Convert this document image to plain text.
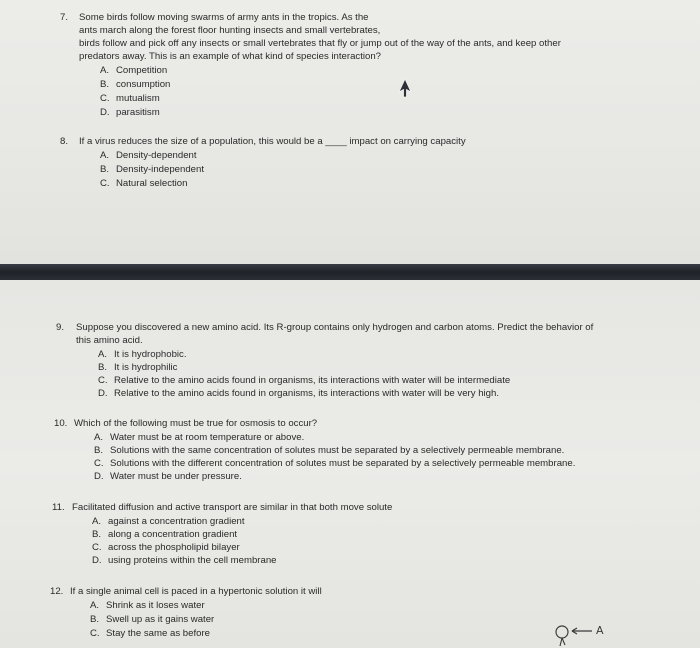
7. Some birds follow moving swarms of army ants in the tropics. As the
ants march along the forest floor hunting insects and small vertebrates,
birds follow and pick off any insects or small vertebrates that fly or jump out of the way of the ants, and keep other
predators away. This is an example of what kind of species interaction?
A. Competition
B. consumption
C. mutualism
D. parasitism
8. If a virus reduces the size of a population, this would be a ____ impact on carrying capacity
A. Density-dependent
B. Density-independent
C. Natural selection
9. Suppose you discovered a new amino acid. Its R-group contains only hydrogen and carbon atoms. Predict the behavior of
this amino acid.
A. It is hydrophobic.
B. It is hydrophilic
C. Relative to the amino acids found in organisms, its interactions with water will be intermediate
D. Relative to the amino acids found in organisms, its interactions with water will be very high.
10. Which of the following must be true for osmosis to occur?
A. Water must be at room temperature or above.
B. Solutions with the same concentration of solutes must be separated by a selectively permeable membrane.
C. Solutions with the different concentration of solutes must be separated by a selectively permeable membrane.
D. Water must be under pressure.
11. Facilitated diffusion and active transport are similar in that both move solute
A. against a concentration gradient
B. along a concentration gradient
C. across the phospholipid bilayer
D. using proteins within the cell membrane
12. If a single animal cell is paced in a hypertonic solution it will
A. Shrink as it loses water
B. Swell up as it gains water
C. Stay the same as before	A
